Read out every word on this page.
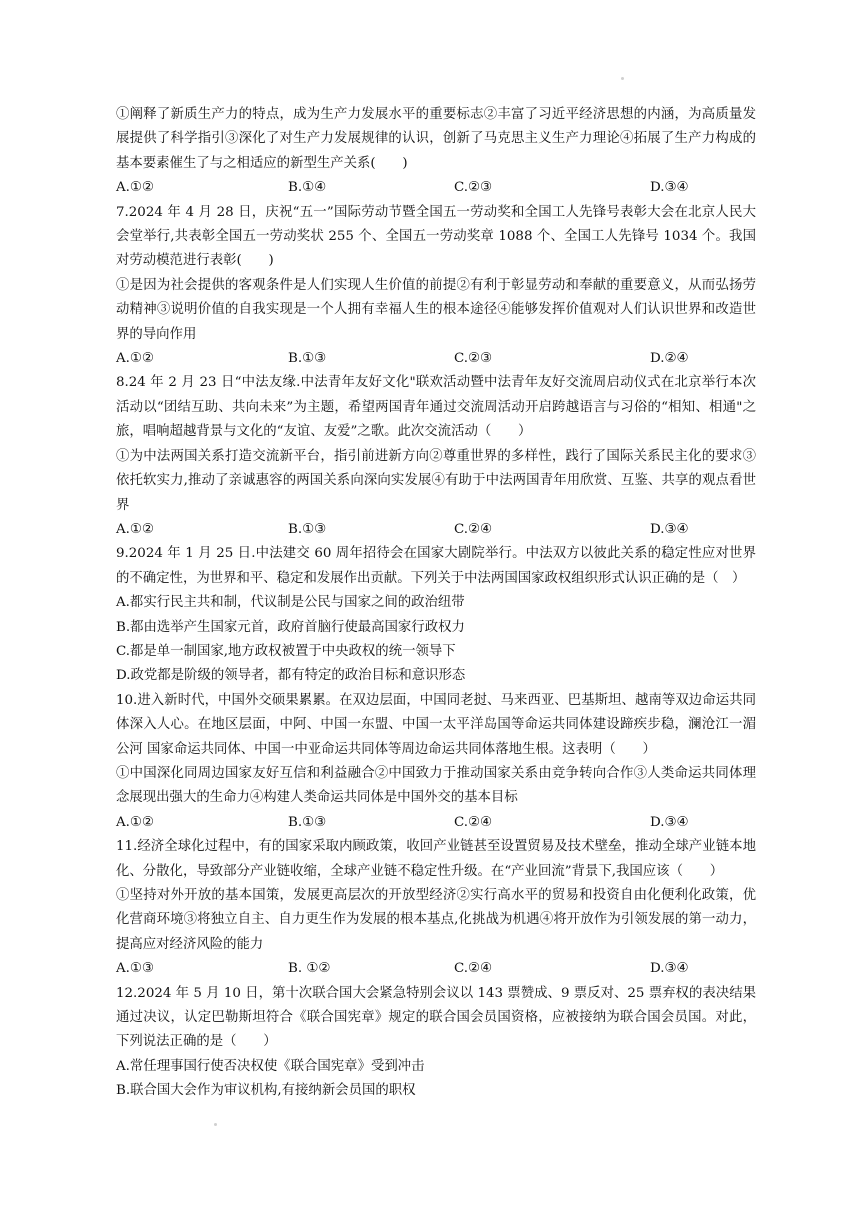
①阐释了新质生产力的特点，成为生产力发展水平的重要标志②丰富了习近平经济思想的内涵，为高质量发展提供了科学指引③深化了对生产力发展规律的认识，创新了马克思主义生产力理论④拓展了生产力构成的基本要素催生了与之相适应的新型生产关系(　　)

A.①②	B.①④	C.②③	D.③④

7.2024 年 4 月 28 日，庆祝“五一”国际劳动节暨全国五一劳动奖和全国工人先锋号表彰大会在北京人民大会堂举行,共表彰全国五一劳动奖状 255 个、全国五一劳动奖章 1088 个、全国工人先锋号 1034 个。我国对劳动模范进行表彰(　　)

①是因为社会提供的客观条件是人们实现人生价值的前提②有利于彰显劳动和奉献的重要意义，从而弘扬劳动精神③说明价值的自我实现是一个人拥有幸福人生的根本途径④能够发挥价值观对人们认识世界和改造世界的导向作用

A.①②	B.①③	C.②③	D.②④

8.24 年 2 月 23 日“中法友缘.中法青年友好文化"联欢活动暨中法青年友好交流周启动仪式在北京举行本次活动以“团结互助、共向未来”为主题，希望两国青年通过交流周活动开启跨越语言与习俗的“相知、相通"之旅，唱响超越背景与文化的“友谊、友爱”之歌。此次交流活动（　　）

①为中法两国关系打造交流新平台，指引前进新方向②尊重世界的多样性，践行了国际关系民主化的要求③依托软实力,推动了亲诚惠容的两国关系向深向实发展④有助于中法两国青年用欣赏、互鉴、共享的观点看世界

A.①②	B.①③	C.②④	D.③④

9.2024 年 1 月 25 日.中法建交 60 周年招待会在国家大剧院举行。中法双方以彼此关系的稳定性应对世界的不确定性，为世界和平、稳定和发展作出贡献。下列关于中法两国国家政权组织形式认识正确的是（　）

A.都实行民主共和制，代议制是公民与国家之间的政治纽带

B.都由选举产生国家元首，政府首脑行使最高国家行政权力

C.都是单一制国家,地方政权被置于中央政权的统一领导下

D.政党都是阶级的领导者，都有特定的政治目标和意识形态

10.进入新时代，中国外交硕果累累。在双边层面，中国同老挝、马来西亚、巴基斯坦、越南等双边命运共同体深入人心。在地区层面，中阿、中国一东盟、中国一太平洋岛国等命运共同体建设蹄疾步稳，澜沧江一湄公河 国家命运共同体、中国一中亚命运共同体等周边命运共同体落地生根。这表明（　　）

①中国深化同周边国家友好互信和利益融合②中国致力于推动国家关系由竞争转向合作③人类命运共同体理念展现出强大的生命力④构建人类命运共同体是中国外交的基本目标

A.①②	B.①③	C.②④	D.③④

11.经济全球化过程中，有的国家采取内顾政策，收回产业链甚至设置贸易及技术壁垒，推动全球产业链本地化、分散化，导致部分产业链收缩，全球产业链不稳定性升级。在“产业回流”背景下,我国应该（　　）

①坚持对外开放的基本国策，发展更高层次的开放型经济②实行高水平的贸易和投资自由化便利化政策，优化营商环境③将独立自主、自力更生作为发展的根本基点,化挑战为机遇④将开放作为引领发展的第一动力，提高应对经济风险的能力

A.①③	B. ①②	C.②④	D.③④

12.2024 年 5 月 10 日，第十次联合国大会紧急特别会议以 143 票赞成、9 票反对、25 票弃权的表决结果通过决议，认定巴勒斯坦符合《联合国宪章》规定的联合国会员国资格，应被接纳为联合国会员国。对此，下列说法正确的是（　　）

A.常任理事国行使否决权使《联合国宪章》受到冲击

B.联合国大会作为审议机构,有接纳新会员国的职权
